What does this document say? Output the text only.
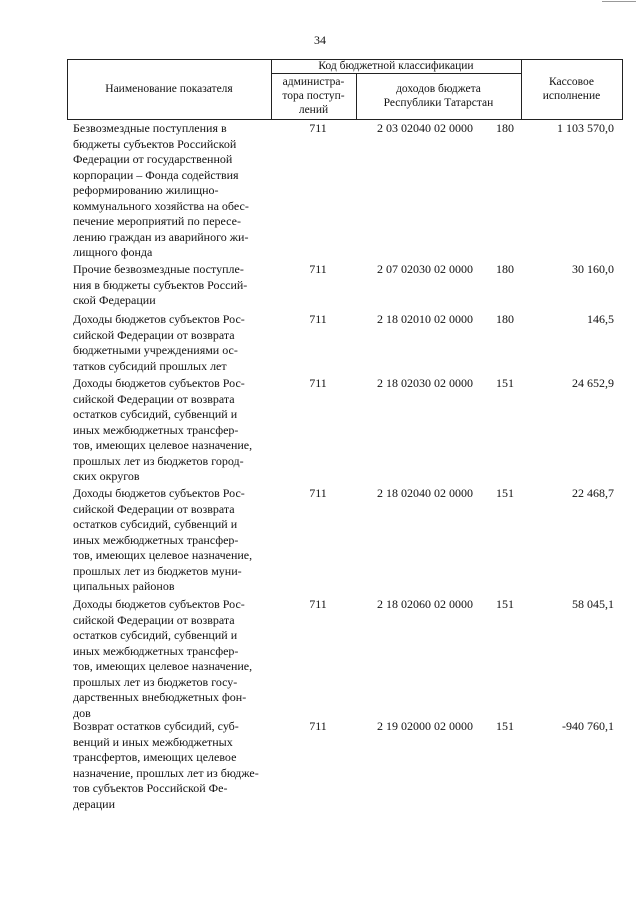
34
Наименование показателя
Код бюджетной классификации
администра-
тора поступ-
лений
доходов бюджета
Республики Татарстан
Кассовое
исполнение
Безвозмездные поступления в
бюджеты субъектов Российской
Федерации от государственной
корпорации – Фонда содействия
реформированию жилищно-
коммунального хозяйства на обес-
печение мероприятий по пересе-
лению граждан из аварийного жи-
лищного фонда
711	2 03 02040 02 0000	180	1 103 570,0
Прочие безвозмездные поступле-
ния в бюджеты субъектов Россий-
ской Федерации
711	2 07 02030 02 0000	180	30 160,0
Доходы бюджетов субъектов Рос-
сийской Федерации от возврата
бюджетными учреждениями ос-
татков субсидий прошлых лет
711	2 18 02010 02 0000	180	146,5
Доходы бюджетов субъектов Рос-
сийской Федерации от возврата
остатков субсидий, субвенций и
иных межбюджетных трансфер-
тов, имеющих целевое назначение,
прошлых лет из бюджетов город-
ских округов
711	2 18 02030 02 0000	151	24 652,9
Доходы бюджетов субъектов Рос-
сийской Федерации от возврата
остатков субсидий, субвенций и
иных межбюджетных трансфер-
тов, имеющих целевое назначение,
прошлых лет из бюджетов муни-
ципальных районов
711	2 18 02040 02 0000	151	22 468,7
Доходы бюджетов субъектов Рос-
сийской Федерации от возврата
остатков субсидий, субвенций и
иных межбюджетных трансфер-
тов, имеющих целевое назначение,
прошлых лет из бюджетов госу-
дарственных внебюджетных фон-
дов
711	2 18 02060 02 0000	151	58 045,1
Возврат остатков субсидий, суб-
венций и иных межбюджетных
трансфертов, имеющих целевое
назначение, прошлых лет из бюдже-
тов субъектов Российской Фе-
дерации
711	2 19 02000 02 0000	151	-940 760,1
